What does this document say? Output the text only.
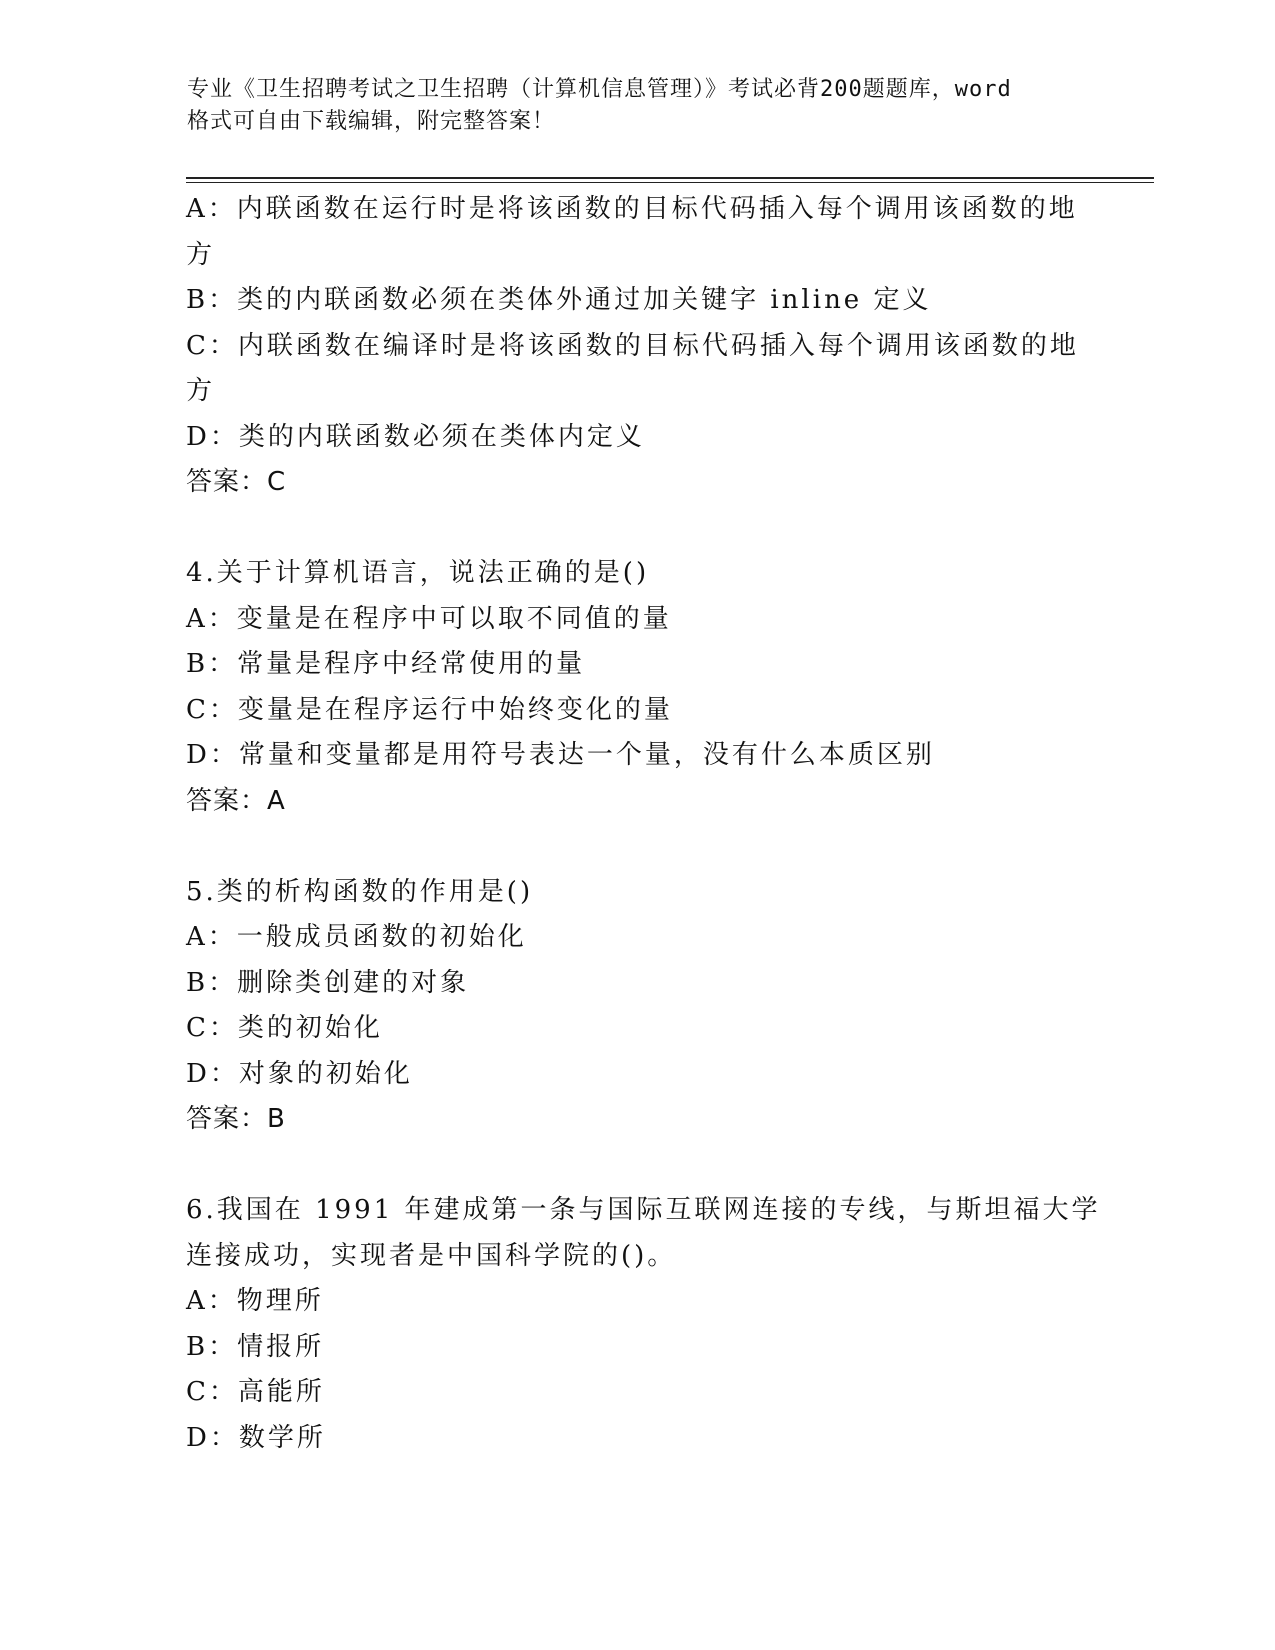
专业《卫生招聘考试之卫生招聘（计算机信息管理）》考试必背200题题库，word
格式可自由下载编辑，附完整答案！
A：内联函数在运行时是将该函数的目标代码插入每个调用该函数的地
方
B：类的内联函数必须在类体外通过加关键字 inline 定义
C：内联函数在编译时是将该函数的目标代码插入每个调用该函数的地
方
D：类的内联函数必须在类体内定义
答案：C
4.关于计算机语言，说法正确的是()
A：变量是在程序中可以取不同值的量
B：常量是程序中经常使用的量
C：变量是在程序运行中始终变化的量
D：常量和变量都是用符号表达一个量，没有什么本质区别
答案：A
5.类的析构函数的作用是()
A：一般成员函数的初始化
B：删除类创建的对象
C：类的初始化
D：对象的初始化
答案：B
6.我国在 1991 年建成第一条与国际互联网连接的专线，与斯坦福大学
连接成功，实现者是中国科学院的()。
A：物理所
B：情报所
C：高能所
D：数学所
